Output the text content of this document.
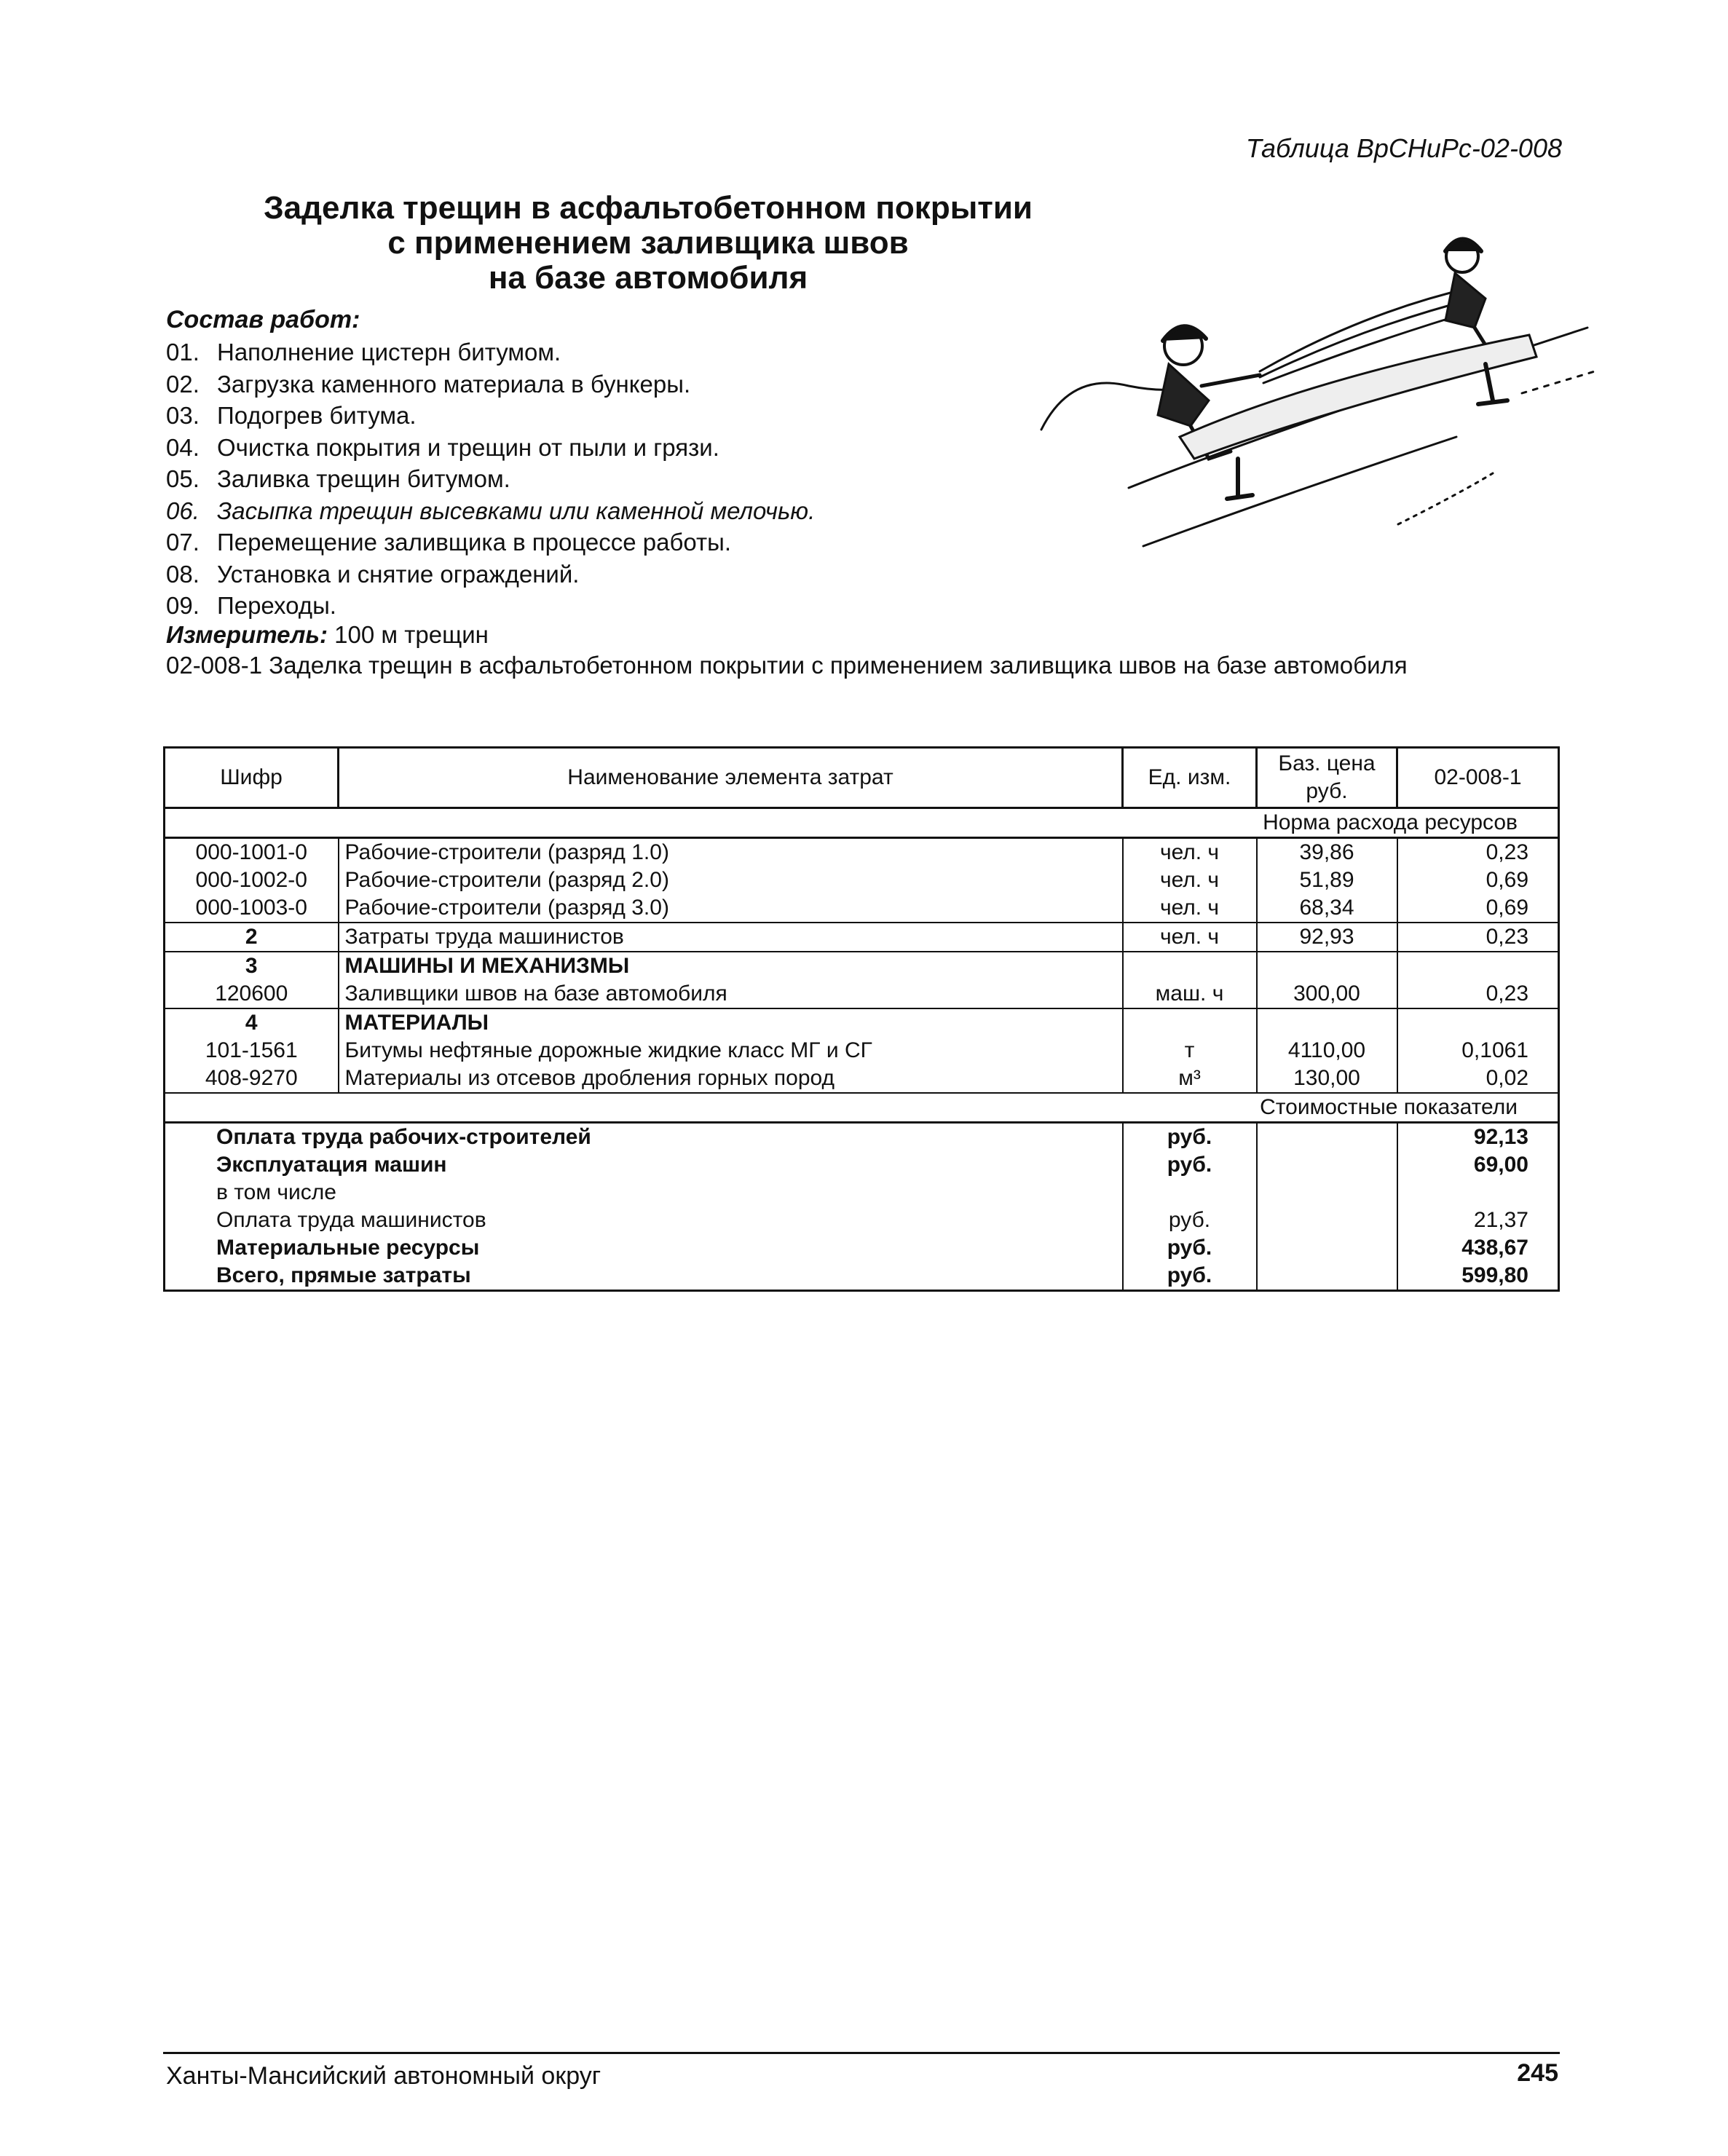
Таблица ВрСНиРс-02-008
Заделка трещин в асфальтобетонном покрытии
с применением заливщика швов
на базе автомобиля
Состав работ:
01. Наполнение цистерн битумом.
02. Загрузка каменного материала в бункеры.
03. Подогрев битума.
04. Очистка покрытия и трещин от пыли и грязи.
05. Заливка трещин битумом.
06. Засыпка трещин высевками или каменной мелочью.
07. Перемещение заливщика в процессе работы.
08. Установка и снятие ограждений.
09. Переходы.
Измеритель: 100 м трещин
02-008-1 Заделка трещин в асфальтобетонном покрытии с применением заливщика швов на базе автомобиля
Шифр	Наименование элемента затрат	Ед. изм.	Баз. цена руб.	02-008-1
Норма расхода ресурсов				
000-1001-0	Рабочие-строители (разряд 1.0)	чел. ч	39,86	0,23
000-1002-0	Рабочие-строители (разряд 2.0)	чел. ч	51,89	0,69
000-1003-0	Рабочие-строители (разряд 3.0)	чел. ч	68,34	0,69
2	Затраты труда машинистов	чел. ч	92,93	0,23
3	МАШИНЫ И МЕХАНИЗМЫ			
120600	Заливщики швов на базе автомобиля	маш. ч	300,00	0,23
4	МАТЕРИАЛЫ			
101-1561	Битумы нефтяные дорожные жидкие класс МГ и СГ	т	4110,00	0,1061
408-9270	Материалы из отсевов дробления горных пород	м³	130,00	0,02
Стоимостные показатели				
Оплата труда рабочих-строителей		руб.		92,13
Эксплуатация машин		руб.		69,00
в том числе				
Оплата труда машинистов		руб.		21,37
Материальные ресурсы		руб.		438,67
Всего, прямые затраты		руб.		599,80
Ханты-Мансийский автономный округ	245
